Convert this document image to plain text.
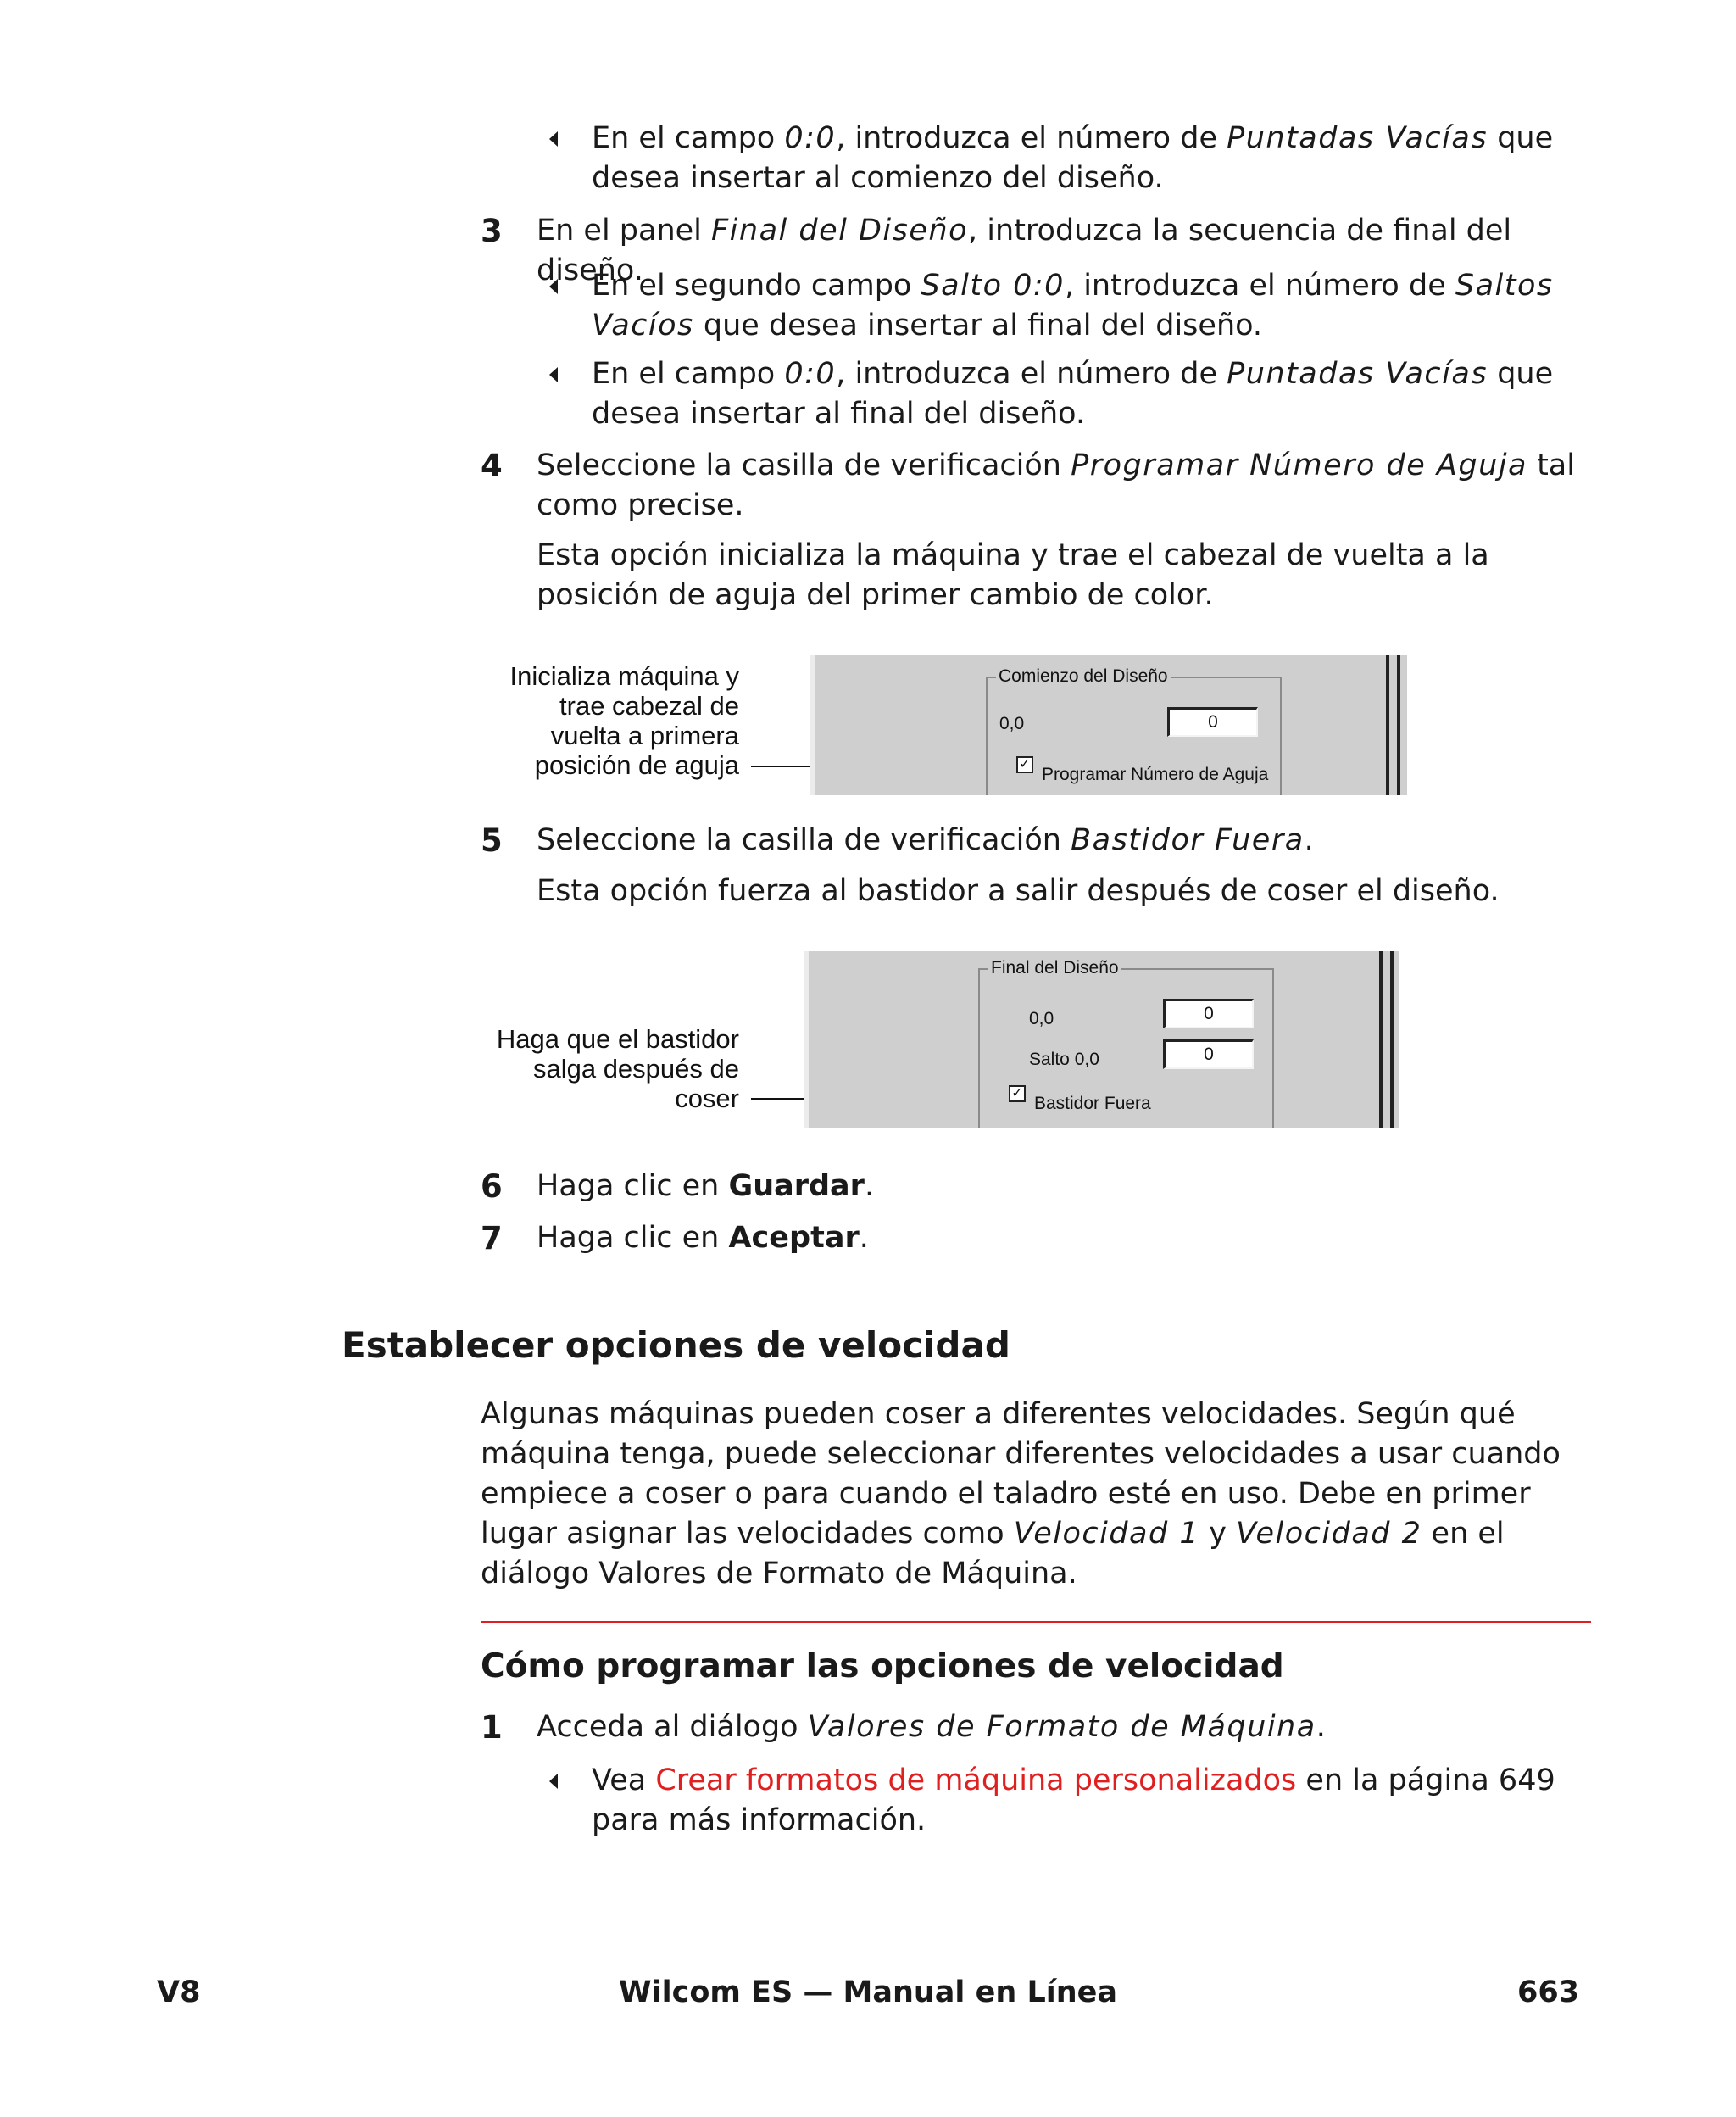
En el campo 0:0, introduzca el número de Puntadas Vacías que desea insertar al comienzo del diseño.

3 En el panel Final del Diseño, introduzca la secuencia de final del diseño.

En el segundo campo Salto 0:0, introduzca el número de Saltos Vacíos que desea insertar al final del diseño.

En el campo 0:0, introduzca el número de Puntadas Vacías que desea insertar al final del diseño.

4 Seleccione la casilla de verificación Programar Número de Aguja tal como precise.

Esta opción inicializa la máquina y trae el cabezal de vuelta a la posición de aguja del primer cambio de color.

Inicializa máquina y
trae cabezal de
vuelta a primera
posición de aguja
Comienzo del Diseño
0,0	0
✓
Programar Número de Aguja
5 Seleccione la casilla de verificación Bastidor Fuera.

Esta opción fuerza al bastidor a salir después de coser el diseño.

Haga que el bastidor
salga después de
coser
Final del Diseño
0,0	0
Salto 0,0	0
✓
Bastidor Fuera
6 Haga clic en Guardar.

7 Haga clic en Aceptar.

Establecer opciones de velocidad

Algunas máquinas pueden coser a diferentes velocidades. Según qué máquina tenga, puede seleccionar diferentes velocidades a usar cuando empiece a coser o para cuando el taladro esté en uso. Debe en primer lugar asignar las velocidades como Velocidad 1 y Velocidad 2 en el diálogo Valores de Formato de Máquina.

Cómo programar las opciones de velocidad
1 Acceda al diálogo Valores de Formato de Máquina.

Vea Crear formatos de máquina personalizados en la página 649 para más información.

V8	Wilcom ES — Manual en Línea	663
